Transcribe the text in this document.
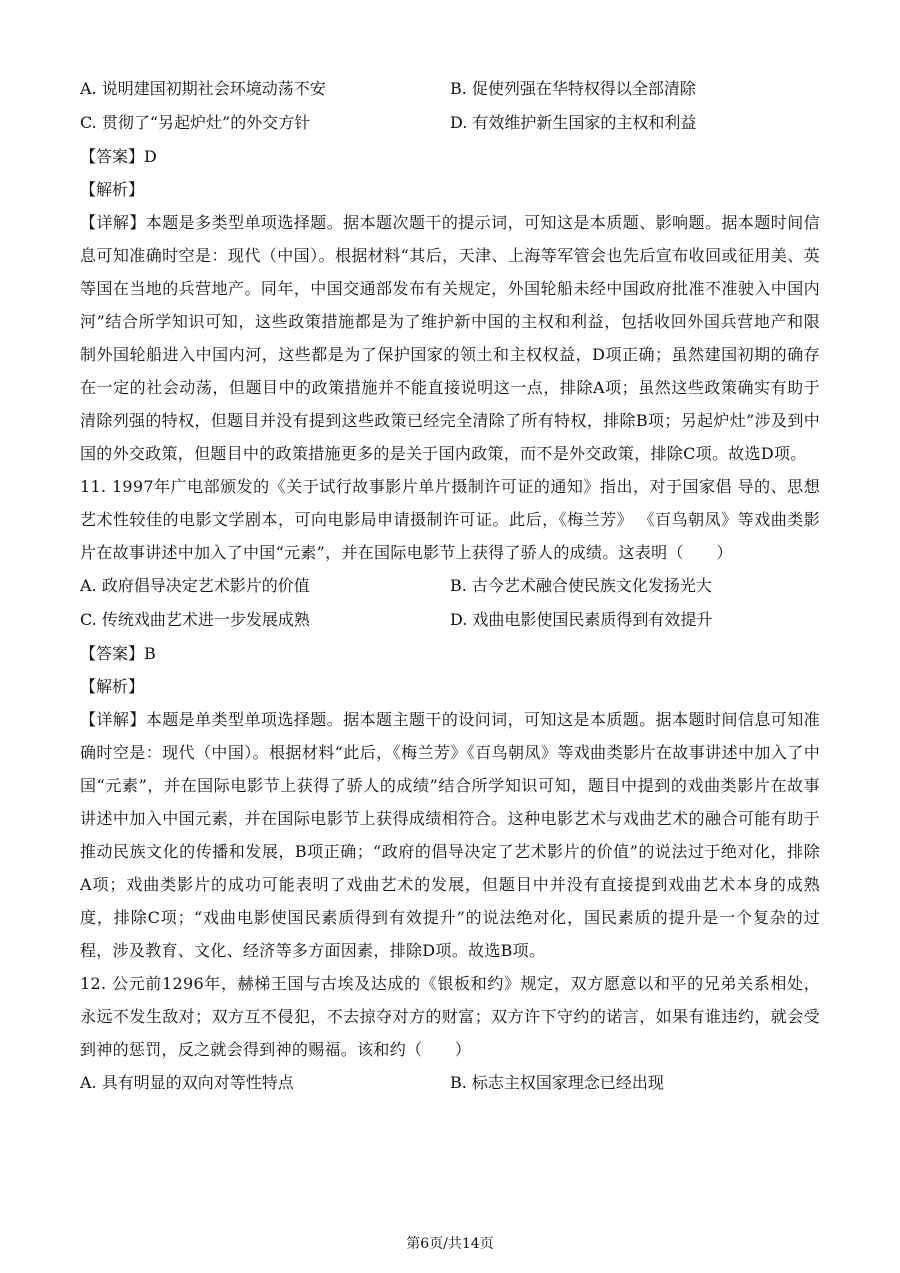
A. 说明建国初期社会环境动荡不安	B. 促使列强在华特权得以全部清除
C. 贯彻了“另起炉灶”的外交方针	D. 有效维护新生国家的主权和利益
【答案】D
【解析】

【详解】本题是多类型单项选择题。据本题次题干的提示词，可知这是本质题、影响题。据本题时间信息可知准确时空是：现代（中国）。根据材料“其后，天津、上海等军管会也先后宣布收回或征用美、英等国在当地的兵营地产。同年，中国交通部发布有关规定，外国轮船未经中国政府批准不准驶入中国内河”结合所学知识可知，这些政策措施都是为了维护新中国的主权和利益，包括收回外国兵营地产和限制外国轮船进入中国内河，这些都是为了保护国家的领土和主权权益，D项正确；虽然建国初期的确存在一定的社会动荡，但题目中的政策措施并不能直接说明这一点，排除A项；虽然这些政策确实有助于清除列强的特权，但题目并没有提到这些政策已经完全清除了所有特权，排除B项；另起炉灶”涉及到中国的外交政策，但题目中的政策措施更多的是关于国内政策，而不是外交政策，排除C项。故选D项。

11. 1997年广电部颁发的《关于试行故事影片单片摄制许可证的通知》指出，对于国家倡 导的、思想艺术性较佳的电影文学剧本，可向电影局申请摄制许可证。此后，《梅兰芳》 《百鸟朝凤》等戏曲类影片在故事讲述中加入了中国“元素”，并在国际电影节上获得了骄人的成绩。这表明（　　）

A. 政府倡导决定艺术影片的价值	B. 古今艺术融合使民族文化发扬光大
C. 传统戏曲艺术进一步发展成熟	D. 戏曲电影使国民素质得到有效提升
【答案】B
【解析】

【详解】本题是单类型单项选择题。据本题主题干的设问词，可知这是本质题。据本题时间信息可知准确时空是：现代（中国）。根据材料“此后，《梅兰芳》《百鸟朝凤》等戏曲类影片在故事讲述中加入了中国“元素”，并在国际电影节上获得了骄人的成绩”结合所学知识可知，题目中提到的戏曲类影片在故事讲述中加入中国元素，并在国际电影节上获得成绩相符合。这种电影艺术与戏曲艺术的融合可能有助于推动民族文化的传播和发展，B项正确；“政府的倡导决定了艺术影片的价值”的说法过于绝对化，排除A项；戏曲类影片的成功可能表明了戏曲艺术的发展，但题目中并没有直接提到戏曲艺术本身的成熟度，排除C项；“戏曲电影使国民素质得到有效提升”的说法绝对化，国民素质的提升是一个复杂的过程，涉及教育、文化、经济等多方面因素，排除D项。故选B项。

12. 公元前1296年，赫梯王国与古埃及达成的《银板和约》规定，双方愿意以和平的兄弟关系相处，永远不发生敌对；双方互不侵犯，不去掠夺对方的财富；双方许下守约的诺言，如果有谁违约，就会受到神的惩罚，反之就会得到神的赐福。该和约（　　）

A. 具有明显的双向对等性特点	B. 标志主权国家理念已经出现
第6页/共14页
